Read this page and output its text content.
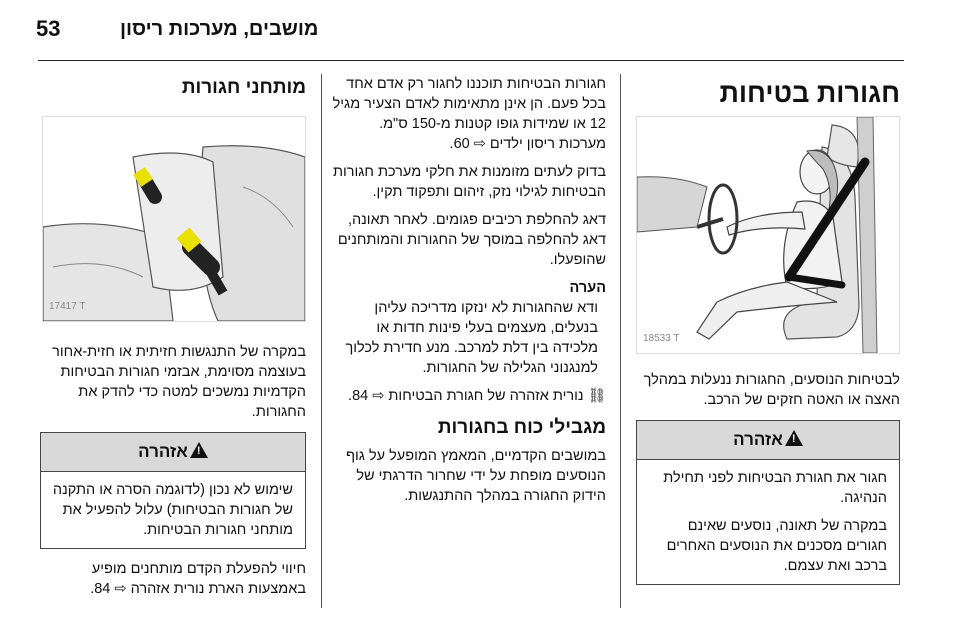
53	מושבים, מערכות ריסון
חגורות בטיחות
18533 T

לבטיחות הנוסעים, החגורות ננעלות במהלך האצה או האטה חזקים של הרכב.

!אזהרה

חגור את חגורת הבטיחות לפני תחילת הנהיגה.

במקרה של תאונה, נוסעים שאינם חגורים מסכנים את הנוסעים האחרים ברכב ואת עצמם.

חגורות הבטיחות תוכננו לחגור רק אדם אחד בכל פעם. הן אינן מתאימות לאדם הצעיר מגיל 12 או שמידות גופו קטנות מ-150 ס"מ. מערכות ריסון ילדים ⇨ 60.

בדוק לעתים מזומנות את חלקי מערכת חגורות הבטיחות לגילוי נזק, זיהום ותפקוד תקין.

דאג להחלפת רכיבים פגומים. לאחר תאונה, דאג להחלפה במוסך של החגורות והמותחנים שהופעלו.

הערה

ודא שהחגורות לא ינזקו מדריכה עליהן בנעלים, מעצמים בעלי פינות חדות או מלכידה בין דלת למרכב. מנע חדירת לכלוך למנגנוני הגלילה של החגורות.

⛓ נורית אזהרה של חגורת הבטיחות ⇨ 84.

מגבילי כוח בחגורות

במושבים הקדמיים, המאמץ המופעל על גוף הנוסעים מופחת על ידי שחרור הדרגתי של הידוק החגורה במהלך ההתנגשות.

מותחני חגורות
17417 T

במקרה של התנגשות חזיתית או חזית-אחור בעוצמה מסוימת, אבזמי חגורות הבטיחות הקדמיות נמשכים למטה כדי להדק את החגורות.

!אזהרה

שימוש לא נכון (לדוגמה הסרה או התקנה של חגורות הבטיחות) עלול להפעיל את מותחני חגורות הבטיחות.

חיווי להפעלת הקדם מותחנים מופיע באמצעות הארת נורית אזהרה ⇨ 84.
